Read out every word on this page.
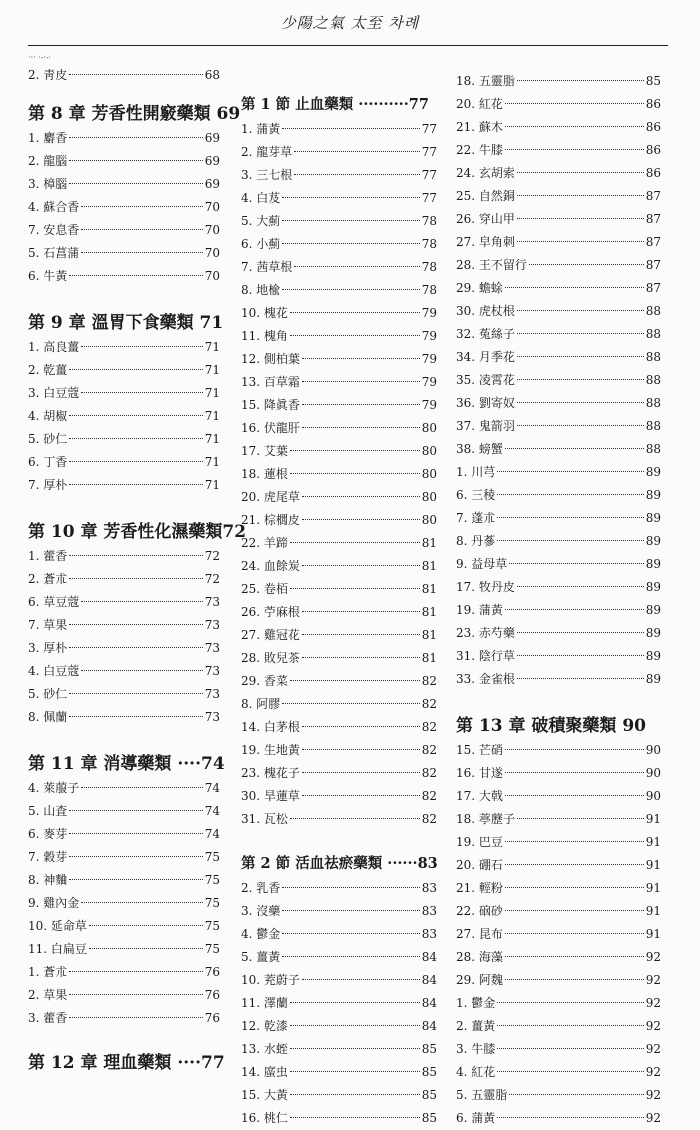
少陽之氣 太至 차례
··· ·-·-·
2. 靑皮	68
第 8 章 芳香性開竅藥類 69
1. 麝香	69
2. 龍腦	69
3. 樟腦	69
4. 蘇合香	70
7. 安息香	70
5. 石菖蒲	70
6. 牛黃	70
第 9 章 溫胃下食藥類 71
1. 高良薑	71
2. 乾薑	71
3. 白豆蔻	71
4. 胡椒	71
5. 砂仁	71
6. 丁香	71
7. 厚朴	71
第 10 章 芳香性化濕藥類72
1. 藿香	72
2. 蒼朮	72
6. 草豆蔻	73
7. 草果	73
3. 厚朴	73
4. 白豆蔻	73
5. 砂仁	73
8. 佩蘭	73
第 11 章 消導藥類 ····74
4. 萊菔子	74
5. 山査	74
6. 麥芽	74
7. 穀芽	75
8. 神麯	75
9. 雞內金	75
10. 延命草	75
11. 白扁豆	75
1. 蒼朮	76
2. 草果	76
3. 藿香	76
第 12 章 理血藥類 ····77
第 1 節 止血藥類 ··········77
1. 蒲黃	77
2. 龍芽草	77
3. 三七根	77
4. 白芨	77
5. 大薊	78
6. 小薊	78
7. 茜草根	78
8. 地楡	78
10. 槐花	79
11. 槐角	79
12. 側柏葉	79
13. 百草霜	79
15. 降眞香	79
16. 伏龍肝	80
17. 艾葉	80
18. 蓮根	80
20. 虎尾草	80
21. 棕櫚皮	80
22. 羊蹄	81
24. 血餘炭	81
25. 卷栢	81
26. 苧麻根	81
27. 雞冠花	81
28. 敗兒茶	81
29. 香菜	82
8. 阿膠	82
14. 白茅根	82
19. 生地黃	82
23. 槐花子	82
30. 旱蓮草	82
31. 瓦松	82
第 2 節 活血祛瘀藥類 ······83
2. 乳香	83
3. 沒藥	83
4. 鬱金	83
5. 薑黃	84
10. 茺蔚子	84
11. 澤蘭	84
12. 乾漆	84
13. 水蛭	85
14. 䗪虫	85
15. 大黃	85
16. 桃仁	85
18. 五靈脂	85
20. 紅花	86
21. 蘇木	86
22. 牛膝	86
24. 玄胡索	86
25. 自然銅	87
26. 穿山甲	87
27. 皁角刺	87
28. 王不留行	87
29. 蟾蜍	87
30. 虎杖根	88
32. 菟絲子	88
34. 月季花	88
35. 凌霄花	88
36. 劉寄奴	88
37. 鬼箭羽	88
38. 螃蟹	88
1. 川芎	89
6. 三稜	89
7. 蓬朮	89
8. 丹蔘	89
9. 益母草	89
17. 牧丹皮	89
19. 蒲黃	89
23. 赤芍藥	89
31. 陰行草	89
33. 金雀根	89
第 13 章 破積聚藥類 90
15. 芒硝	90
16. 甘遂	90
17. 大戟	90
18. 葶藶子	91
19. 巴豆	91
20. 硼石	91
21. 輕粉	91
22. 硇砂	91
27. 昆布	91
28. 海藻	92
29. 阿魏	92
1. 鬱金	92
2. 薑黃	92
3. 牛膝	92
4. 紅花	92
5. 五靈脂	92
6. 蒲黃	92
